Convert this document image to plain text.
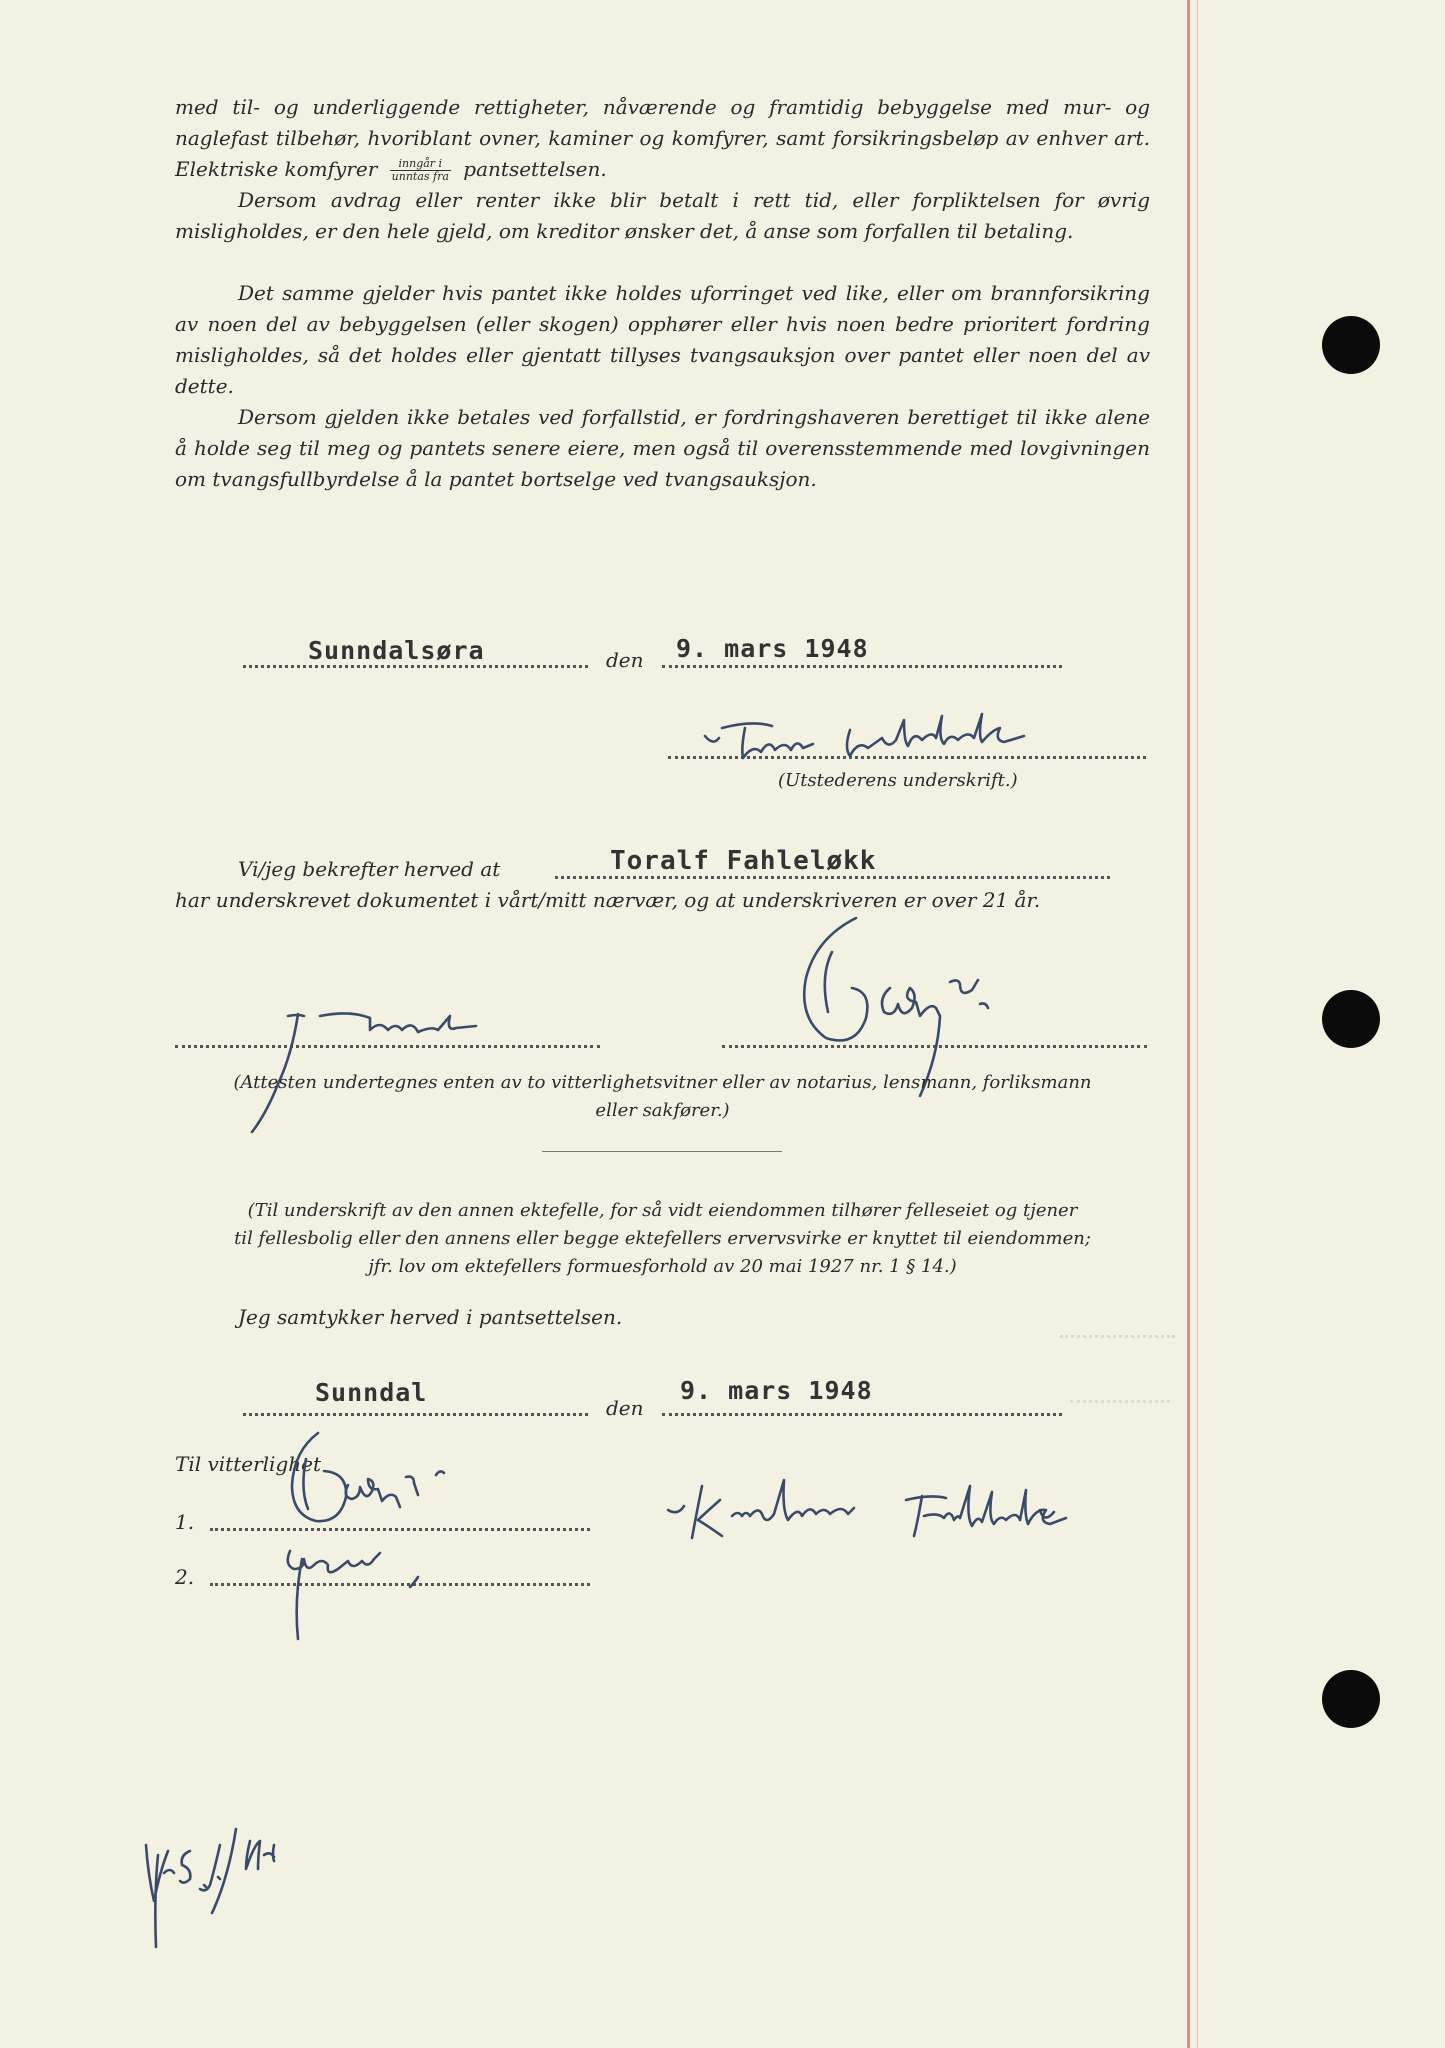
med til- og underliggende rettigheter, nåværende og framtidig bebyggelse med mur- og naglefast tilbehør, hvoriblant ovner, kaminer og komfyrer, samt forsikringsbeløp av enhver art. Elektriske komfyrer $\frac{\text{inngår i}}{\text{unntas fra}}$ pantsettelsen.
Dersom avdrag eller renter ikke blir betalt i rett tid, eller forpliktelsen for øvrig misligholdes, er den hele gjeld, om kreditor ønsker det, å anse som forfallen til betaling.
Det samme gjelder hvis pantet ikke holdes uforringet ved like, eller om brannforsikring av noen del av bebyggelsen (eller skogen) opphører eller hvis noen bedre prioritert fordring misligholdes, så det holdes eller gjentatt tillyses tvangsauksjon over pantet eller noen del av dette.
Dersom gjelden ikke betales ved forfallstid, er fordringshaveren berettiget til ikke alene å holde seg til meg og pantets senere eiere, men også til overensstemmende med lovgivningen om tvangsfullbyrdelse å la pantet bortselge ved tvangsauksjon.
Sunndalsøra	den 9. mars 1948
(Utstederens underskrift.)
Vi/jeg bekrefter herved at	Toralf Fahleløkk
har underskrevet dokumentet i vårt/mitt nærvær, og at underskriveren er over 21 år.
(Attesten undertegnes enten av to vitterlighetsvitner eller av notarius, lensmann, forliksmann
eller sakfører.)
(Til underskrift av den annen ektefelle, for så vidt eiendommen tilhører felleseiet og tjener
til fellesbolig eller den annens eller begge ektefellers ervervsvirke er knyttet til eiendommen;
jfr. lov om ektefellers formuesforhold av 20 mai 1927 nr. 1 § 14.)
Jeg samtykker herved i pantsettelsen.
Sunndal
den
9. mars 1948
Til vitterlighet
1.
2.
